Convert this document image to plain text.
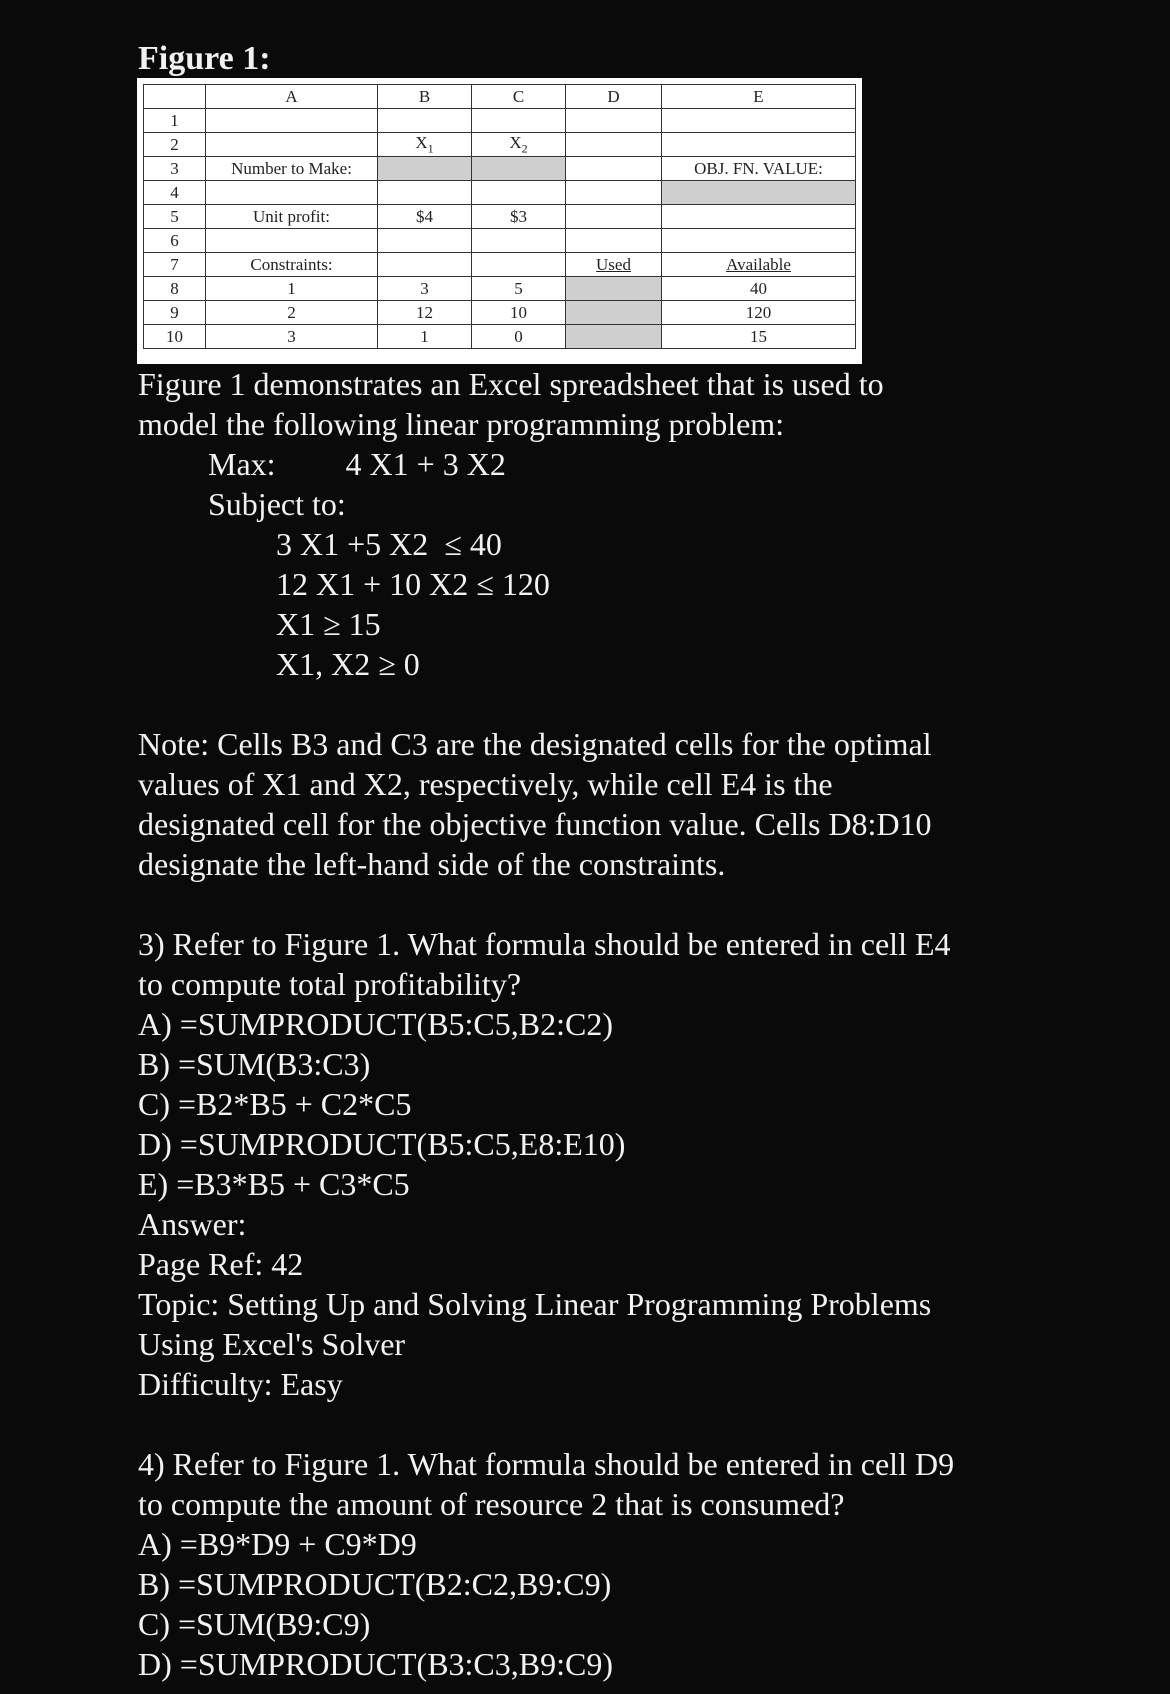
Figure 1:
	A	B	C	D	E
1					
2		$X_1$	$X_2$		
3	Number to Make:				OBJ. FN. VALUE:
4					
5	Unit profit:	$4	$3		
6					
7	Constraints:			Used	Available
8	1	3	5		40
9	2	12	10		120
10	3	1	0		15

Figure 1 demonstrates an Excel spreadsheet that is used to

model the following linear programming problem:

Max: 4 X1 + 3 X2

Subject to:

3 X1 +5 X2  ≤ 40

12 X1 + 10 X2 ≤ 120

X1 ≥ 15

X1, X2 ≥ 0

Note: Cells B3 and C3 are the designated cells for the optimal

values of X1 and X2, respectively, while cell E4 is the

designated cell for the objective function value. Cells D8:D10

designate the left-hand side of the constraints.

3) Refer to Figure 1. What formula should be entered in cell E4

to compute total profitability?

A) =SUMPRODUCT(B5:C5,B2:C2)

B) =SUM(B3:C3)

C) =B2*B5 + C2*C5

D) =SUMPRODUCT(B5:C5,E8:E10)

E) =B3*B5 + C3*C5

Answer:

Page Ref: 42

Topic: Setting Up and Solving Linear Programming Problems

Using Excel's Solver

Difficulty: Easy

4) Refer to Figure 1. What formula should be entered in cell D9

to compute the amount of resource 2 that is consumed?

A) =B9*D9 + C9*D9

B) =SUMPRODUCT(B2:C2,B9:C9)

C) =SUM(B9:C9)

D) =SUMPRODUCT(B3:C3,B9:C9)
